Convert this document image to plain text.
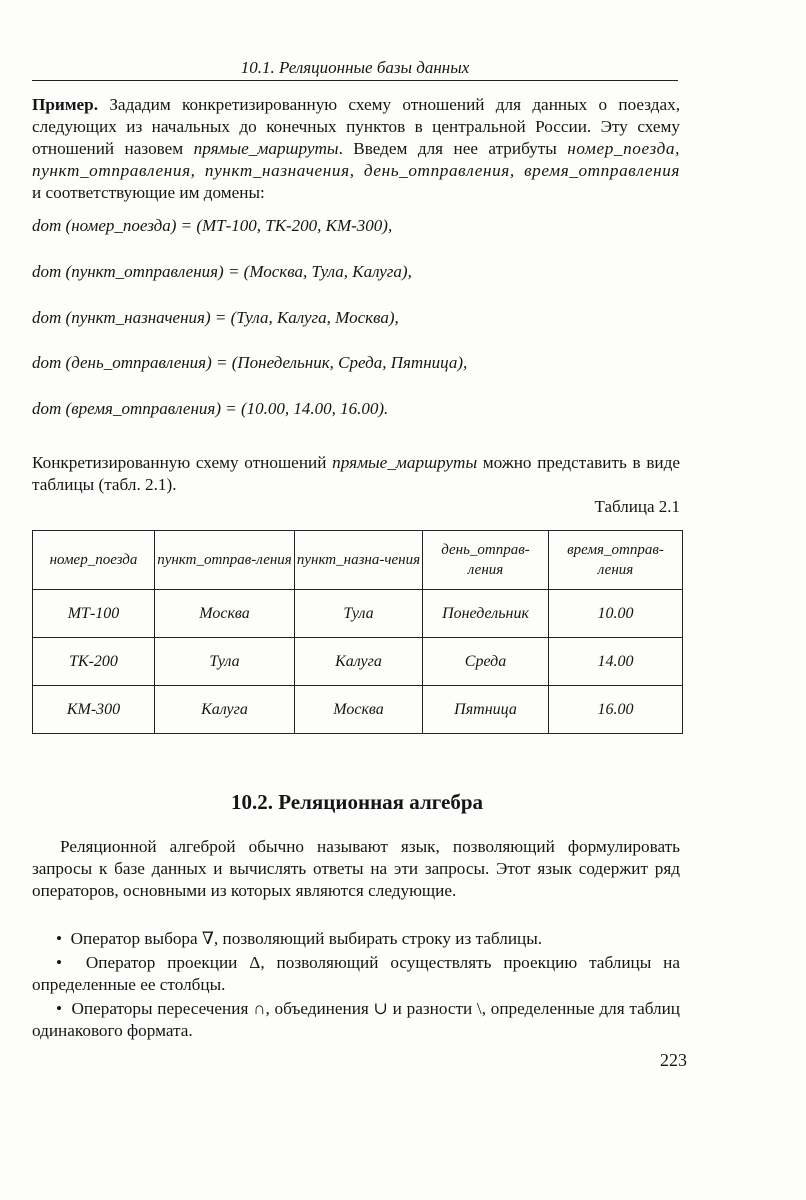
10.1. Реляционные базы данных
Пример. Зададим конкретизированную схему отношений для данных о поездах, следующих из начальных до конечных пунктов в центральной России. Эту схему отношений назовем прямые_маршруты. Введем для нее атрибуты номер_поезда, пункт_отправления, пункт_назначения, день_отправления, время_отправления и соответствующие им домены:
dom (номер_поезда) = (МТ-100, ТК-200, КМ-300),
dom (пункт_отправления) = (Москва, Тула, Калуга),
dom (пункт_назначения) = (Тула, Калуга, Москва),
dom (день_отправления) = (Понедельник, Среда, Пятница),
dom (время_отправления) = (10.00, 14.00, 16.00).
Конкретизированную схему отношений прямые_маршруты можно представить в виде таблицы (табл. 2.1).
Таблица 2.1
номер_поезда	пункт_отправ-ления	пункт_назна-чения	день_отправ-ления	время_отправ-ления
МТ-100	Москва	Тула	Понедельник	10.00
ТК-200	Тула	Калуга	Среда	14.00
КМ-300	Калуга	Москва	Пятница	16.00
10.2. Реляционная алгебра
Реляционной алгеброй обычно называют язык, позволяющий формулировать запросы к базе данных и вычислять ответы на эти запросы. Этот язык содержит ряд операторов, основными из которых являются следующие.
• Оператор выбора ∇, позволяющий выбирать строку из таблицы.
• Оператор проекции Δ, позволяющий осуществлять проекцию таблицы на определенные ее столбцы.
• Операторы пересечения ∩, объединения ∪ и разности \, определенные для таблиц одинакового формата.
223
